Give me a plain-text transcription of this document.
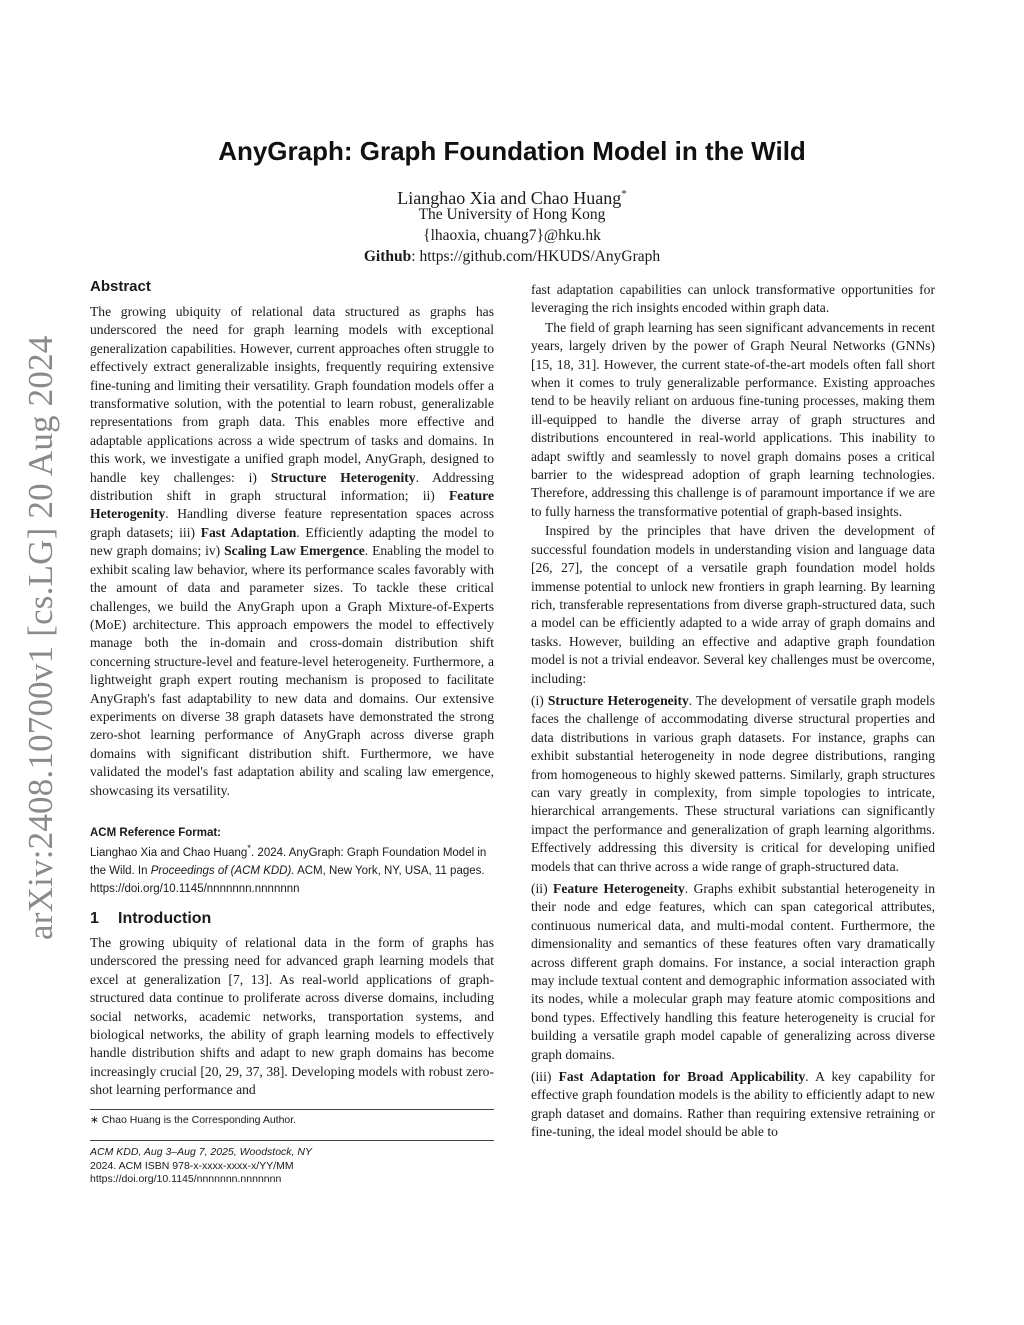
arXiv:2408.10700v1 [cs.LG] 20 Aug 2024
AnyGraph: Graph Foundation Model in the Wild
Lianghao Xia and Chao Huang*
The University of Hong Kong
{lhaoxia, chuang7}@hku.hk
Github: https://github.com/HKUDS/AnyGraph
Abstract

The growing ubiquity of relational data structured as graphs has underscored the need for graph learning models with exceptional generalization capabilities. However, current approaches often struggle to effectively extract generalizable insights, frequently requiring extensive fine-tuning and limiting their versatility. Graph foundation models offer a transformative solution, with the potential to learn robust, generalizable representations from graph data. This enables more effective and adaptable applications across a wide spectrum of tasks and domains. In this work, we investigate a unified graph model, AnyGraph, designed to handle key challenges: i) Structure Heterogenity. Addressing distribution shift in graph structural information; ii) Feature Heterogenity. Handling diverse feature representation spaces across graph datasets; iii) Fast Adaptation. Efficiently adapting the model to new graph domains; iv) Scaling Law Emergence. Enabling the model to exhibit scaling law behavior, where its performance scales favorably with the amount of data and parameter sizes. To tackle these critical challenges, we build the AnyGraph upon a Graph Mixture-of-Experts (MoE) architecture. This approach empowers the model to effectively manage both the in-domain and cross-domain distribution shift concerning structure-level and feature-level heterogeneity. Furthermore, a lightweight graph expert routing mechanism is proposed to facilitate AnyGraph's fast adaptability to new data and domains. Our extensive experiments on diverse 38 graph datasets have demonstrated the strong zero-shot learning performance of AnyGraph across diverse graph domains with significant distribution shift. Furthermore, we have validated the model's fast adaptation ability and scaling law emergence, showcasing its versatility.

ACM Reference Format:
Lianghao Xia and Chao Huang*. 2024. AnyGraph: Graph Foundation Model in the Wild. In Proceedings of (ACM KDD). ACM, New York, NY, USA, 11 pages. https://doi.org/10.1145/nnnnnnn.nnnnnnn
1 Introduction

The growing ubiquity of relational data in the form of graphs has underscored the pressing need for advanced graph learning models that excel at generalization [7, 13]. As real-world applications of graph-structured data continue to proliferate across diverse domains, including social networks, academic networks, transportation systems, and biological networks, the ability of graph learning models to effectively handle distribution shifts and adapt to new graph domains has become increasingly crucial [20, 29, 37, 38]. Developing models with robust zero-shot learning performance and

∗ Chao Huang is the Corresponding Author.
ACM KDD, Aug 3–Aug 7, 2025, Woodstock, NY
2024. ACM ISBN 978-x-xxxx-xxxx-x/YY/MM
https://doi.org/10.1145/nnnnnnn.nnnnnnn

fast adaptation capabilities can unlock transformative opportunities for leveraging the rich insights encoded within graph data.

The field of graph learning has seen significant advancements in recent years, largely driven by the power of Graph Neural Networks (GNNs) [15, 18, 31]. However, the current state-of-the-art models often fall short when it comes to truly generalizable performance. Existing approaches tend to be heavily reliant on arduous fine-tuning processes, making them ill-equipped to handle the diverse array of graph structures and distributions encountered in real-world applications. This inability to adapt swiftly and seamlessly to novel graph domains poses a critical barrier to the widespread adoption of graph learning technologies. Therefore, addressing this challenge is of paramount importance if we are to fully harness the transformative potential of graph-based insights.

Inspired by the principles that have driven the development of successful foundation models in understanding vision and language data [26, 27], the concept of a versatile graph foundation model holds immense potential to unlock new frontiers in graph learning. By learning rich, transferable representations from diverse graph-structured data, such a model can be efficiently adapted to a wide array of graph domains and tasks. However, building an effective and adaptive graph foundation model is not a trivial endeavor. Several key challenges must be overcome, including:

(i) Structure Heterogeneity. The development of versatile graph models faces the challenge of accommodating diverse structural properties and data distributions in various graph datasets. For instance, graphs can exhibit substantial heterogeneity in node degree distributions, ranging from homogeneous to highly skewed patterns. Similarly, graph structures can vary greatly in complexity, from simple topologies to intricate, hierarchical arrangements. These structural variations can significantly impact the performance and generalization of graph learning algorithms. Effectively addressing this diversity is critical for developing unified models that can thrive across a wide range of graph-structured data.

(ii) Feature Heterogeneity. Graphs exhibit substantial heterogeneity in their node and edge features, which can span categorical attributes, continuous numerical data, and multi-modal content. Furthermore, the dimensionality and semantics of these features often vary dramatically across different graph domains. For instance, a social interaction graph may include textual content and demographic information associated with its nodes, while a molecular graph may feature atomic compositions and bond types. Effectively handling this feature heterogeneity is crucial for building a versatile graph model capable of generalizing across diverse graph domains.

(iii) Fast Adaptation for Broad Applicability. A key capability for effective graph foundation models is the ability to efficiently adapt to new graph dataset and domains. Rather than requiring extensive retraining or fine-tuning, the ideal model should be able to
